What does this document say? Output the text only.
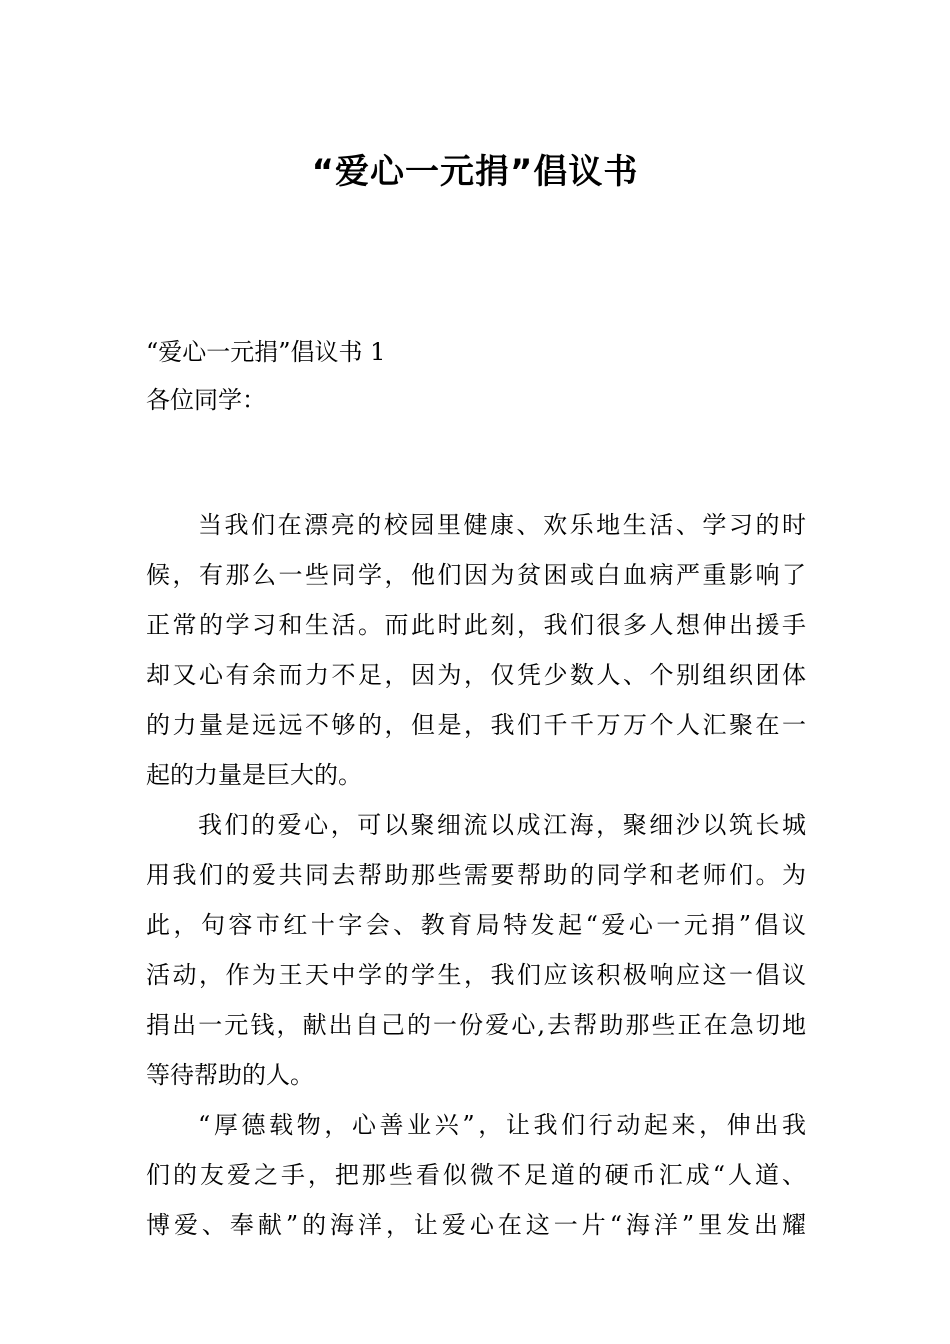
“爱心一元捐”倡议书
“爱心一元捐”倡议书 1
各位同学：
当我们在漂亮的校园里健康、欢乐地生活、学习的时
候，有那么一些同学，他们因为贫困或白血病严重影响了
正常的学习和生活。而此时此刻，我们很多人想伸出援手
却又心有余而力不足，因为，仅凭少数人、个别组织团体
的力量是远远不够的，但是，我们千千万万个人汇聚在一
起的力量是巨大的。
我们的爱心，可以聚细流以成江海，聚细沙以筑长城
用我们的爱共同去帮助那些需要帮助的同学和老师们。为
此，句容市红十字会、教育局特发起“爱心一元捐”倡议
活动，作为王天中学的学生，我们应该积极响应这一倡议
捐出一元钱，献出自己的一份爱心,去帮助那些正在急切地
等待帮助的人。
“厚德载物，心善业兴”，让我们行动起来，伸出我
们的友爱之手，把那些看似微不足道的硬币汇成“人道、
博爱、奉献”的海洋，让爱心在这一片“海洋”里发出耀
